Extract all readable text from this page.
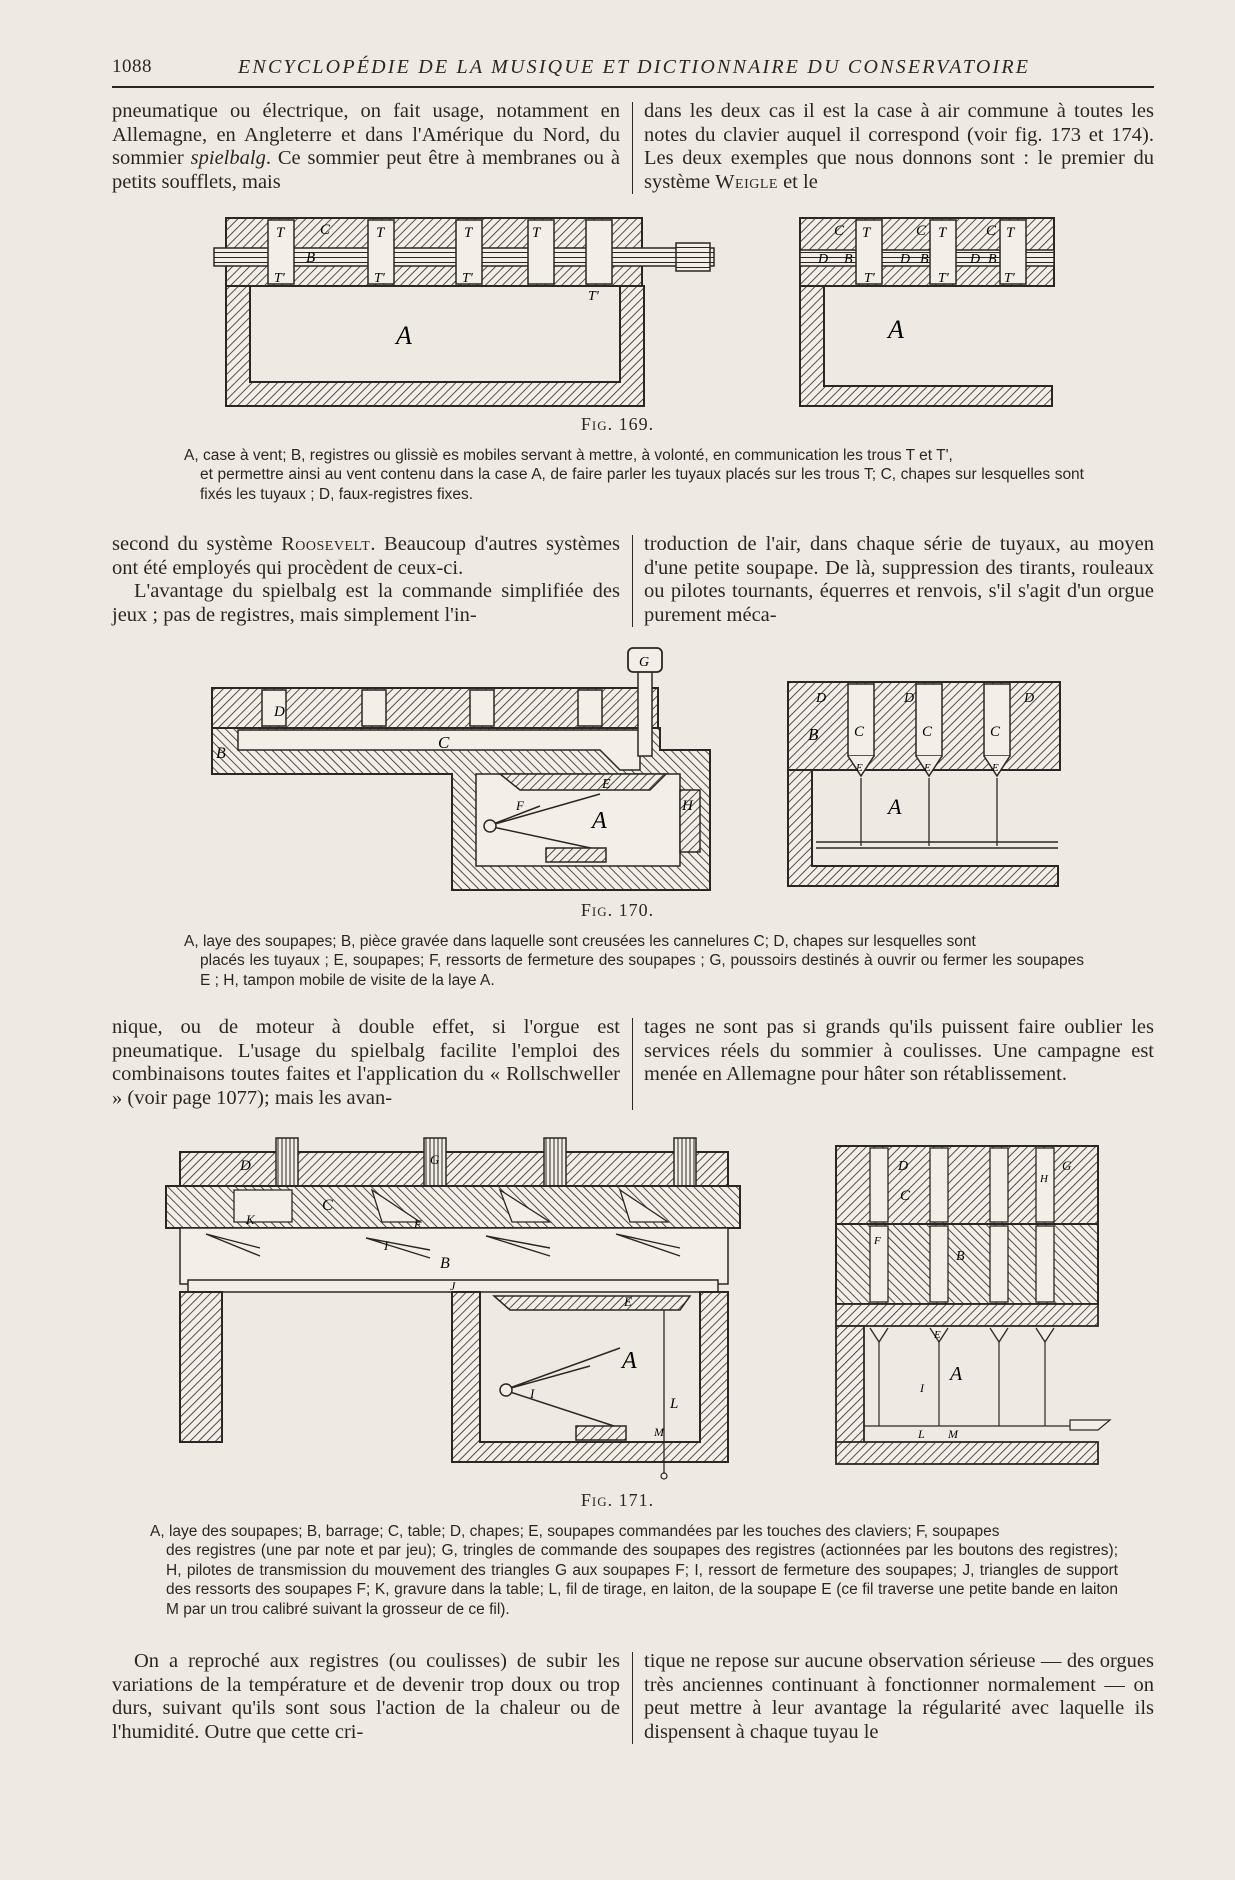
1088	ENCYCLOPÉDIE DE LA MUSIQUE ET DICTIONNAIRE DU CONSERVATOIRE

pneumatique ou électrique, on fait usage, notamment en Allemagne, en Angleterre et dans l'Amérique du Nord, du sommier spielbalg. Ce sommier peut être à membranes ou à petits soufflets, mais

dans les deux cas il est la case à air commune à toutes les notes du clavier auquel il correspond (voir fig. 173 et 174). Les deux exemples que nous donnons sont : le premier du système Weigle et le

T C	T	T	T
B
T'	T'	T'
T'
A
C T	C T	C T
D B	D B	D B
T'	T'	T'
A
Fig. 169.
A, case à vent; B, registres ou glissiè es mobiles servant à mettre, à volonté, en communication les trous T et T',
et permettre ainsi au vent contenu dans la case A, de faire parler les tuyaux placés sur les trous T; C, chapes sur lesquelles sont fixés les tuyaux ; D, faux-registres fixes.

second du système Roosevelt. Beaucoup d'autres systèmes ont été employés qui procèdent de ceux-ci.

L'avantage du spielbalg est la commande simplifiée des jeux ; pas de registres, mais simplement l'in-

troduction de l'air, dans chaque série de tuyaux, au moyen d'une petite soupape. De là, suppression des tirants, rouleaux ou pilotes tournants, équerres et renvois, s'il s'agit d'un orgue purement méca-

D
B
C
E
F
A
H
G
D	D	D
B C	C	C
E	E	E
A
Fig. 170.
A, laye des soupapes; B, pièce gravée dans laquelle sont creusées les cannelures C; D, chapes sur lesquelles sont
placés les tuyaux ; E, soupapes; F, ressorts de fermeture des soupapes ; G, poussoirs destinés à ouvrir ou fermer les soupapes E ; H, tampon mobile de visite de la laye A.

nique, ou de moteur à double effet, si l'orgue est pneumatique. L'usage du spielbalg facilite l'emploi des combinaisons toutes faites et l'application du « Rollschweller » (voir page 1077); mais les avan-

tages ne sont pas si grands qu'ils puissent faire oublier les services réels du sommier à coulisses. Une campagne est menée en Allemagne pour hâter son rétablissement.

D	G
C
K	F
I
B
J
E
A
I
L
M
D	G
H
C
B
F
E
A
I
L M
Fig. 171.
A, laye des soupapes; B, barrage; C, table; D, chapes; E, soupapes commandées par les touches des claviers; F, soupapes
des registres (une par note et par jeu); G, tringles de commande des soupapes des registres (actionnées par les boutons des registres); H, pilotes de transmission du mouvement des triangles G aux soupapes F; I, ressort de fermeture des soupapes; J, triangles de support des ressorts des soupapes F; K, gravure dans la table; L, fil de tirage, en laiton, de la soupape E (ce fil traverse une petite bande en laiton M par un trou calibré suivant la grosseur de ce fil).

On a reproché aux registres (ou coulisses) de subir les variations de la température et de devenir trop doux ou trop durs, suivant qu'ils sont sous l'action de la chaleur ou de l'humidité. Outre que cette cri-

tique ne repose sur aucune observation sérieuse — des orgues très anciennes continuant à fonctionner normalement — on peut mettre à leur avantage la régularité avec laquelle ils dispensent à chaque tuyau le
